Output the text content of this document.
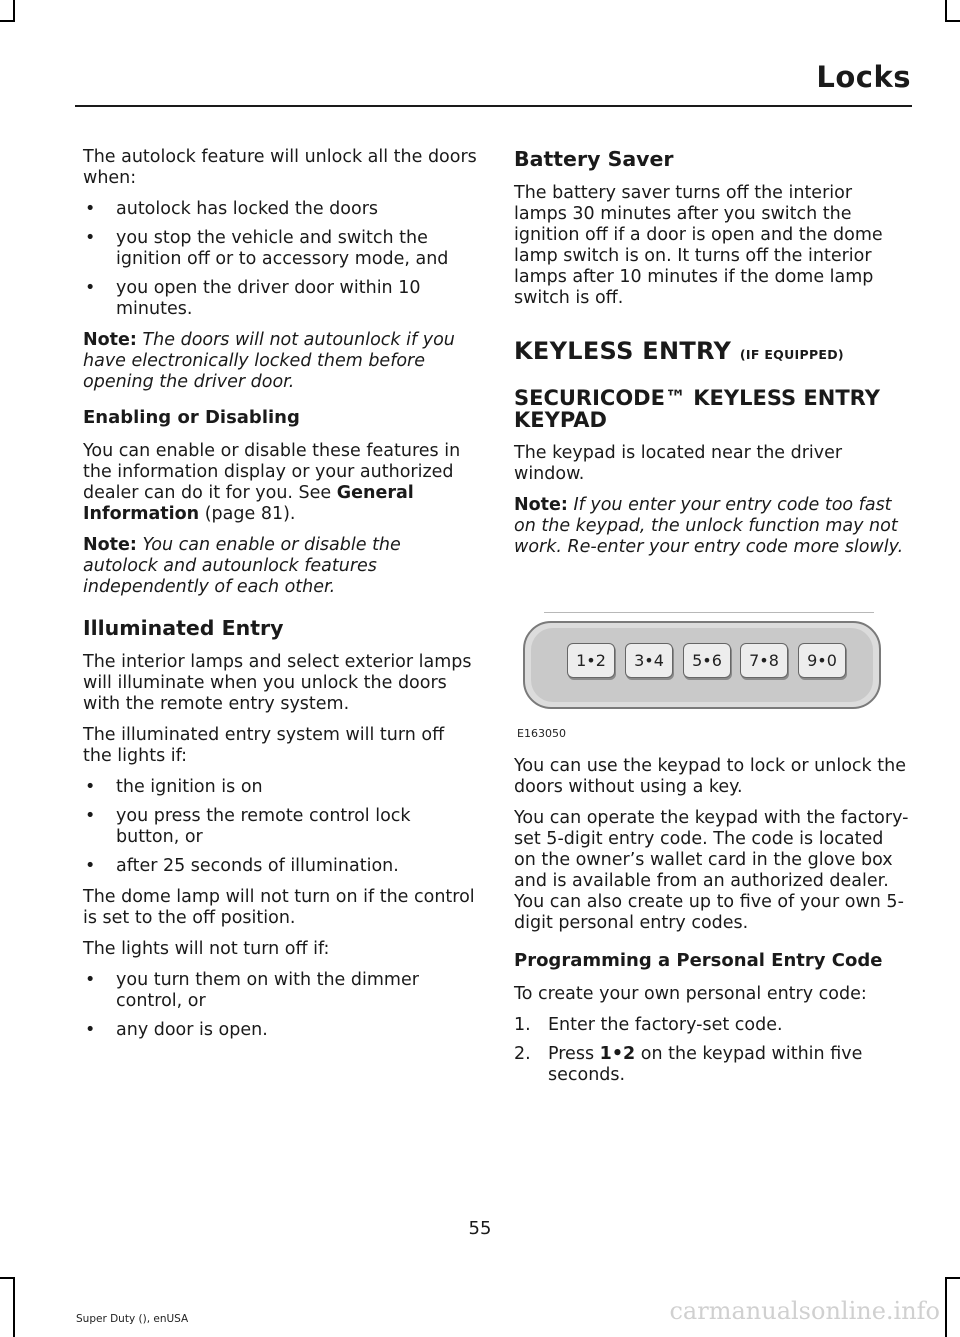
Locks

The autolock feature will unlock all the doors when:

• autolock has locked the doors
• you stop the vehicle and switch the ignition off or to accessory mode, and
• you open the driver door within 10 minutes.

Note: The doors will not autounlock if you have electronically locked them before opening the driver door.

Enabling or Disabling

You can enable or disable these features in the information display or your authorized dealer can do it for you. See General Information (page 81).

Note: You can enable or disable the autolock and autounlock features independently of each other.

Illuminated Entry

The interior lamps and select exterior lamps will illuminate when you unlock the doors with the remote entry system.

The illuminated entry system will turn off the lights if:

• the ignition is on
• you press the remote control lock button, or
• after 25 seconds of illumination.

The dome lamp will not turn on if the control is set to the off position.

The lights will not turn off if:

• you turn them on with the dimmer control, or
• any door is open.
Battery Saver

The battery saver turns off the interior lamps 30 minutes after you switch the ignition off if a door is open and the dome lamp switch is on. It turns off the interior lamps after 10 minutes if the dome lamp switch is off.

KEYLESS ENTRY (IF EQUIPPED)
SECURICODE™ KEYLESS ENTRY KEYPAD

The keypad is located near the driver window.

Note: If you enter your entry code too fast on the keypad, the unlock function may not work. Re-enter your entry code more slowly.

1•2	3•4	5•6	7•8	9•0
E163050

You can use the keypad to lock or unlock the doors without using a key.

You can operate the keypad with the factory-set 5-digit entry code. The code is located on the owner’s wallet card in the glove box and is available from an authorized dealer. You can also create up to five of your own 5-digit personal entry codes.

Programming a Personal Entry Code

To create your own personal entry code:

1. Enter the factory-set code.
2. Press 1•2 on the keypad within five seconds.
55
Super Duty (), enUSA	carmanualsonline.info
